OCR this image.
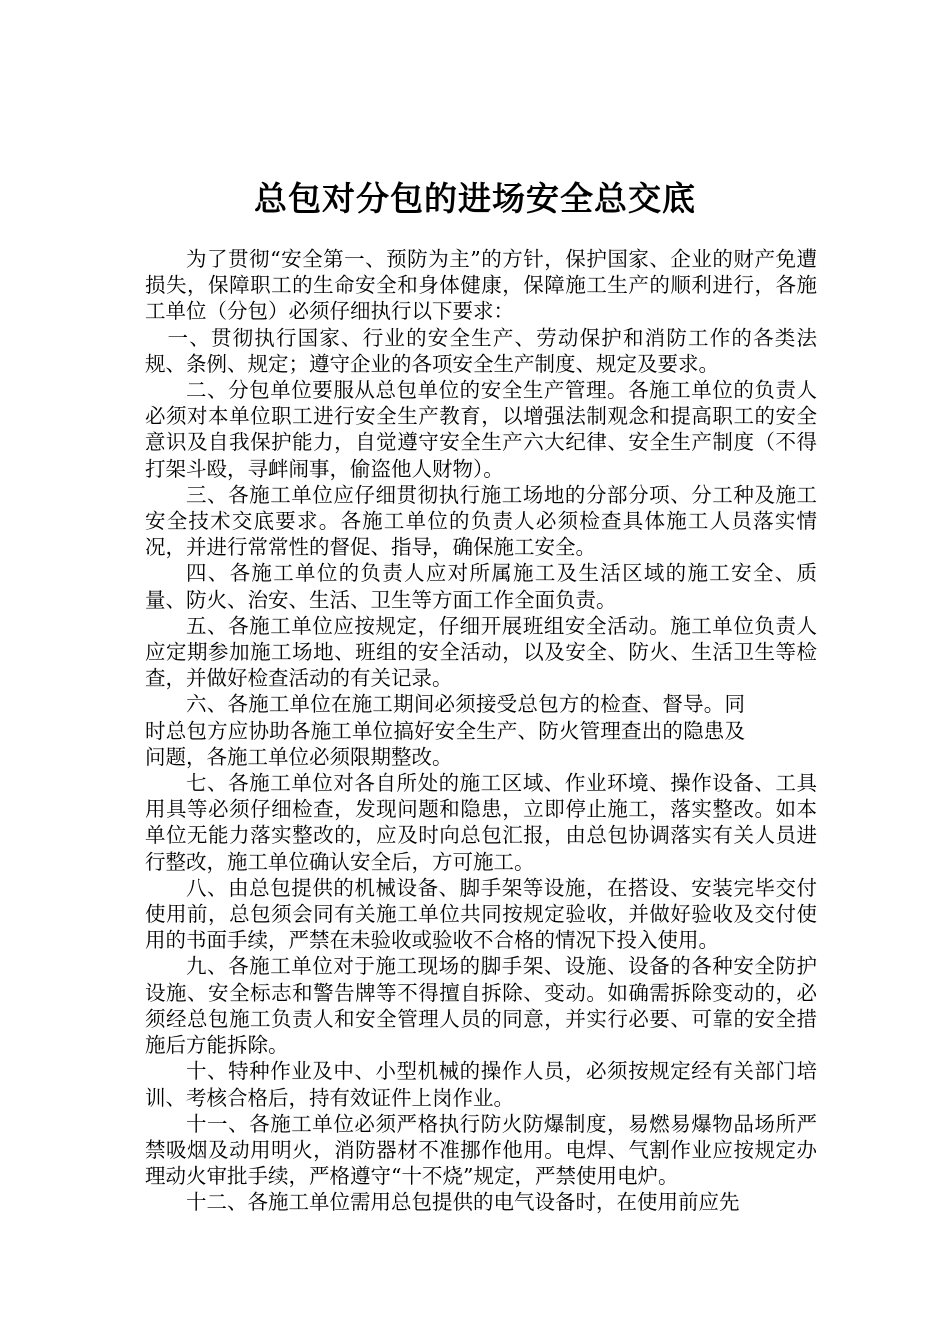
总包对分包的进场安全总交底

为了贯彻“安全第一、预防为主”的方针，保护国家、企业的财产免遭损失，保障职工的生命安全和身体健康，保障施工生产的顺利进行，各施工单位（分包）必须仔细执行以下要求：

一、贯彻执行国家、行业的安全生产、劳动保护和消防工作的各类法规、条例、规定；遵守企业的各项安全生产制度、规定及要求。

二、分包单位要服从总包单位的安全生产管理。各施工单位的负责人必须对本单位职工进行安全生产教育，以增强法制观念和提高职工的安全意识及自我保护能力，自觉遵守安全生产六大纪律、安全生产制度（不得打架斗殴，寻衅闹事，偷盗他人财物）。

三、各施工单位应仔细贯彻执行施工场地的分部分项、分工种及施工安全技术交底要求。各施工单位的负责人必须检查具体施工人员落实情况，并进行常常性的督促、指导，确保施工安全。

四、各施工单位的负责人应对所属施工及生活区域的施工安全、质量、防火、治安、生活、卫生等方面工作全面负责。

五、各施工单位应按规定，仔细开展班组安全活动。施工单位负责人应定期参加施工场地、班组的安全活动，以及安全、防火、生活卫生等检查，并做好检查活动的有关记录。

六、各施工单位在施工期间必须接受总包方的检查、督导。同时总包方应协助各施工单位搞好安全生产、防火管理查出的隐患及问题，各施工单位必须限期整改。

七、各施工单位对各自所处的施工区域、作业环境、操作设备、工具用具等必须仔细检查，发现问题和隐患，立即停止施工，落实整改。如本单位无能力落实整改的，应及时向总包汇报，由总包协调落实有关人员进行整改，施工单位确认安全后，方可施工。

八、由总包提供的机械设备、脚手架等设施，在搭设、安装完毕交付使用前，总包须会同有关施工单位共同按规定验收，并做好验收及交付使用的书面手续，严禁在未验收或验收不合格的情况下投入使用。

九、各施工单位对于施工现场的脚手架、设施、设备的各种安全防护设施、安全标志和警告牌等不得擅自拆除、变动。如确需拆除变动的，必须经总包施工负责人和安全管理人员的同意，并实行必要、可靠的安全措施后方能拆除。

十、特种作业及中、小型机械的操作人员，必须按规定经有关部门培训、考核合格后，持有效证件上岗作业。

十一、各施工单位必须严格执行防火防爆制度，易燃易爆物品场所严禁吸烟及动用明火，消防器材不准挪作他用。电焊、气割作业应按规定办理动火审批手续，严格遵守“十不烧”规定，严禁使用电炉。

十二、各施工单位需用总包提供的电气设备时，在使用前应先
